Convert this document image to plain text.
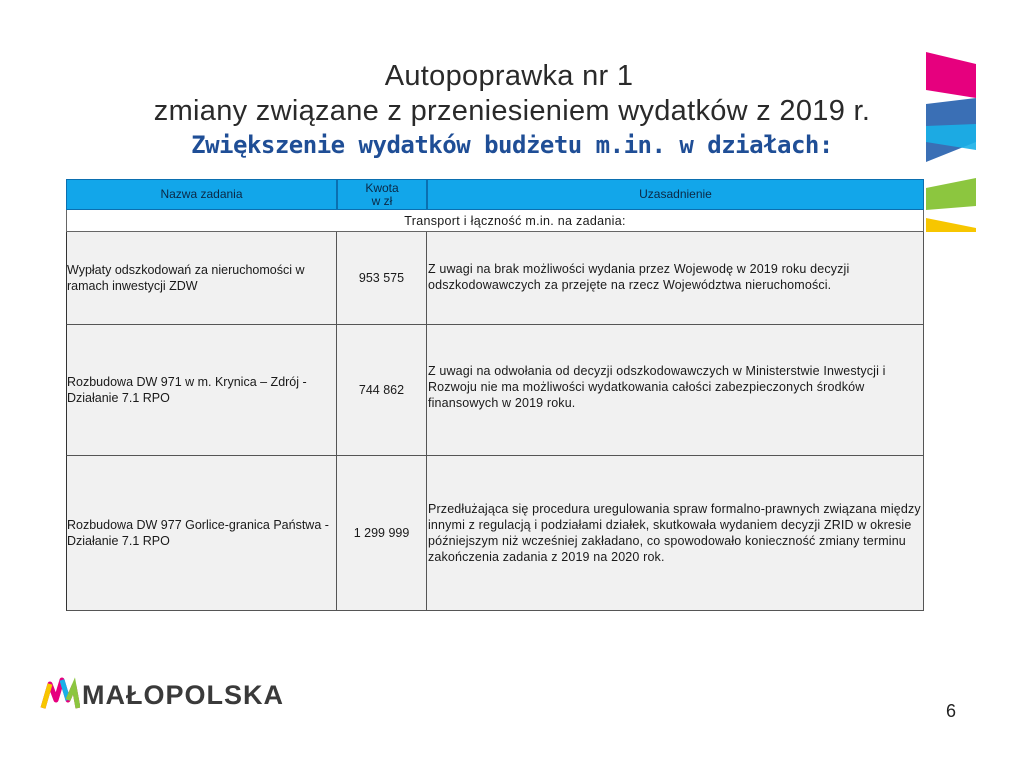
Autopoprawka nr 1
zmiany związane z przeniesieniem wydatków z 2019 r.
Zwiększenie wydatków budżetu m.in. w działach:
Nazwa zadania	Kwota w zł	Uzasadnienie
Transport i łączność m.in. na zadania:
Wypłaty odszkodowań za nieruchomości w ramach inwestycji ZDW
953 575
Z uwagi na brak możliwości wydania przez Wojewodę w 2019 roku decyzji odszkodowawczych za przejęte na rzecz Województwa nieruchomości.
Rozbudowa DW 971 w m. Krynica – Zdrój - Działanie 7.1 RPO
744 862
Z uwagi na odwołania od decyzji odszkodowawczych w Ministerstwie Inwestycji i Rozwoju nie ma możliwości wydatkowania całości zabezpieczonych środków finansowych w 2019 roku.
Rozbudowa DW 977 Gorlice-granica Państwa - Działanie 7.1 RPO
1 299 999
Przedłużająca się procedura uregulowania spraw formalno-prawnych związana między innymi z regulacją i podziałami działek, skutkowała wydaniem decyzji ZRID w okresie późniejszym niż wcześniej zakładano, co spowodowało konieczność zmiany terminu zakończenia zadania z 2019 na 2020 rok.
MAŁOPOLSKA
6
